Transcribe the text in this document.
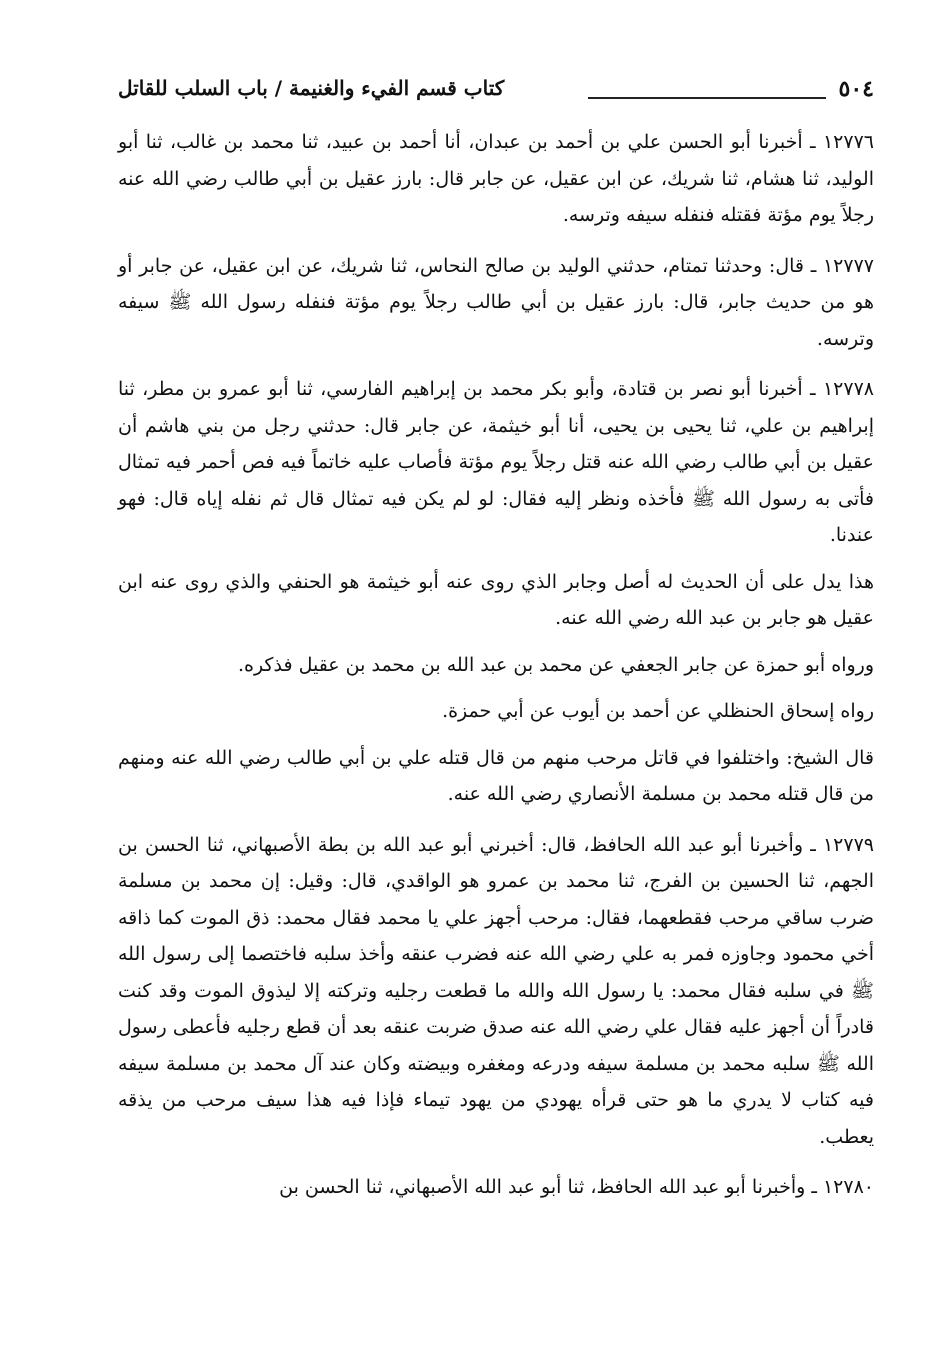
٥٠٤
كتاب قسم الفيء والغنيمة / باب السلب للقاتل

١٢٧٧٦ ـ أخبرنا أبو الحسن علي بن أحمد بن عبدان، أنا أحمد بن عبيد، ثنا محمد بن غالب، ثنا أبو الوليد، ثنا هشام، ثنا شريك، عن ابن عقيل، عن جابر قال: بارز عقيل بن أبي طالب رضي الله عنه رجلاً يوم مؤتة فقتله فنفله سيفه وترسه.

١٢٧٧٧ ـ قال: وحدثنا تمتام، حدثني الوليد بن صالح النحاس، ثنا شريك، عن ابن عقيل، عن جابر أو هو من حديث جابر، قال: بارز عقيل بن أبي طالب رجلاً يوم مؤتة فنفله رسول الله ﷺ سيفه وترسه.

١٢٧٧٨ ـ أخبرنا أبو نصر بن قتادة، وأبو بكر محمد بن إبراهيم الفارسي، ثنا أبو عمرو بن مطر، ثنا إبراهيم بن علي، ثنا يحيى بن يحيى، أنا أبو خيثمة، عن جابر قال: حدثني رجل من بني هاشم أن عقيل بن أبي طالب رضي الله عنه قتل رجلاً يوم مؤتة فأصاب عليه خاتماً فيه فص أحمر فيه تمثال فأتى به رسول الله ﷺ فأخذه ونظر إليه فقال: لو لم يكن فيه تمثال قال ثم نفله إياه قال: فهو عندنا.

هذا يدل على أن الحديث له أصل وجابر الذي روى عنه أبو خيثمة هو الحنفي والذي روى عنه ابن عقيل هو جابر بن عبد الله رضي الله عنه.

ورواه أبو حمزة عن جابر الجعفي عن محمد بن عبد الله بن محمد بن عقيل فذكره.

رواه إسحاق الحنظلي عن أحمد بن أيوب عن أبي حمزة.

قال الشيخ: واختلفوا في قاتل مرحب منهم من قال قتله علي بن أبي طالب رضي الله عنه ومنهم من قال قتله محمد بن مسلمة الأنصاري رضي الله عنه.

١٢٧٧٩ ـ وأخبرنا أبو عبد الله الحافظ، قال: أخبرني أبو عبد الله بن بطة الأصبهاني، ثنا الحسن بن الجهم، ثنا الحسين بن الفرج، ثنا محمد بن عمرو هو الواقدي، قال: وقيل: إن محمد بن مسلمة ضرب ساقي مرحب فقطعهما، فقال: مرحب أجهز علي يا محمد فقال محمد: ذق الموت كما ذاقه أخي محمود وجاوزه فمر به علي رضي الله عنه فضرب عنقه وأخذ سلبه فاختصما إلى رسول الله ﷺ في سلبه فقال محمد: يا رسول الله والله ما قطعت رجليه وتركته إلا ليذوق الموت وقد كنت قادراً أن أجهز عليه فقال علي رضي الله عنه صدق ضربت عنقه بعد أن قطع رجليه فأعطى رسول الله ﷺ سلبه محمد بن مسلمة سيفه ودرعه ومغفره وبيضته وكان عند آل محمد بن مسلمة سيفه فيه كتاب لا يدري ما هو حتى قرأه يهودي من يهود تيماء فإذا فيه هذا سيف مرحب من يذقه يعطب.

١٢٧٨٠ ـ وأخبرنا أبو عبد الله الحافظ، ثنا أبو عبد الله الأصبهاني، ثنا الحسن بن
